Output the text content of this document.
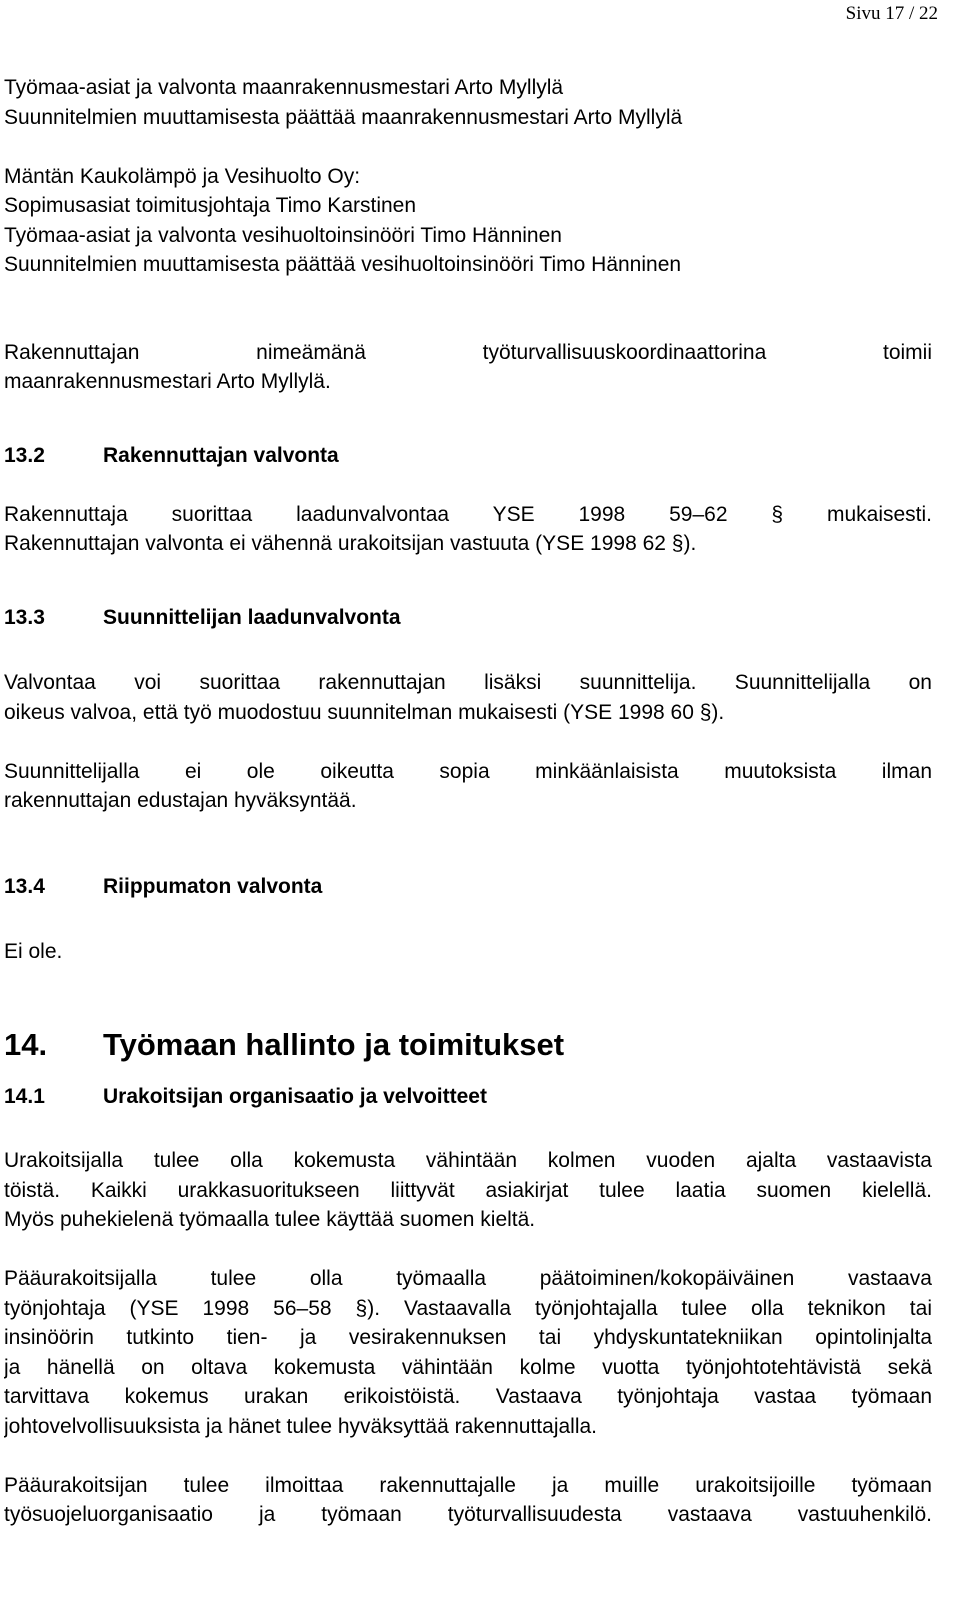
Sivu 17 / 22
Työmaa-asiat ja valvonta maanrakennusmestari Arto Myllylä
Suunnitelmien muuttamisesta päättää maanrakennusmestari Arto Myllylä
Mäntän Kaukolämpö ja Vesihuolto Oy:
Sopimusasiat toimitusjohtaja Timo Karstinen
Työmaa-asiat ja valvonta vesihuoltoinsinööri Timo Hänninen
Suunnitelmien muuttamisesta päättää vesihuoltoinsinööri Timo Hänninen

Rakennuttajan nimeämänä työturvallisuuskoordinaattorina toimii

maanrakennusmestari Arto Myllylä.

13.2	Rakennuttajan valvonta

Rakennuttaja suorittaa laadunvalvontaa YSE 1998 59–62 § mukaisesti.

Rakennuttajan valvonta ei vähennä urakoitsijan vastuuta (YSE 1998 62 §).

13.3	Suunnittelijan laadunvalvonta

Valvontaa voi suorittaa rakennuttajan lisäksi suunnittelija. Suunnittelijalla on

oikeus valvoa, että työ muodostuu suunnitelman mukaisesti (YSE 1998 60 §).

Suunnittelijalla ei ole oikeutta sopia minkäänlaisista muutoksista ilman

rakennuttajan edustajan hyväksyntää.

13.4	Riippumaton valvonta
Ei ole.
14.	Työmaan hallinto ja toimitukset
14.1	Urakoitsijan organisaatio ja velvoitteet

Urakoitsijalla tulee olla kokemusta vähintään kolmen vuoden ajalta vastaavista

töistä. Kaikki urakkasuoritukseen liittyvät asiakirjat tulee laatia suomen kielellä.

Myös puhekielenä työmaalla tulee käyttää suomen kieltä.

Pääurakoitsijalla tulee olla työmaalla päätoiminen/kokopäiväinen vastaava

työnjohtaja (YSE 1998 56–58 §). Vastaavalla työnjohtajalla tulee olla teknikon tai

insinöörin tutkinto tien- ja vesirakennuksen tai yhdyskuntatekniikan opintolinjalta

ja hänellä on oltava kokemusta vähintään kolme vuotta työnjohtotehtävistä sekä

tarvittava kokemus urakan erikoistöistä. Vastaava työnjohtaja vastaa työmaan

johtovelvollisuuksista ja hänet tulee hyväksyttää rakennuttajalla.

Pääurakoitsijan tulee ilmoittaa rakennuttajalle ja muille urakoitsijoille työmaan

työsuojeluorganisaatio ja työmaan työturvallisuudesta vastaava vastuuhenkilö.
